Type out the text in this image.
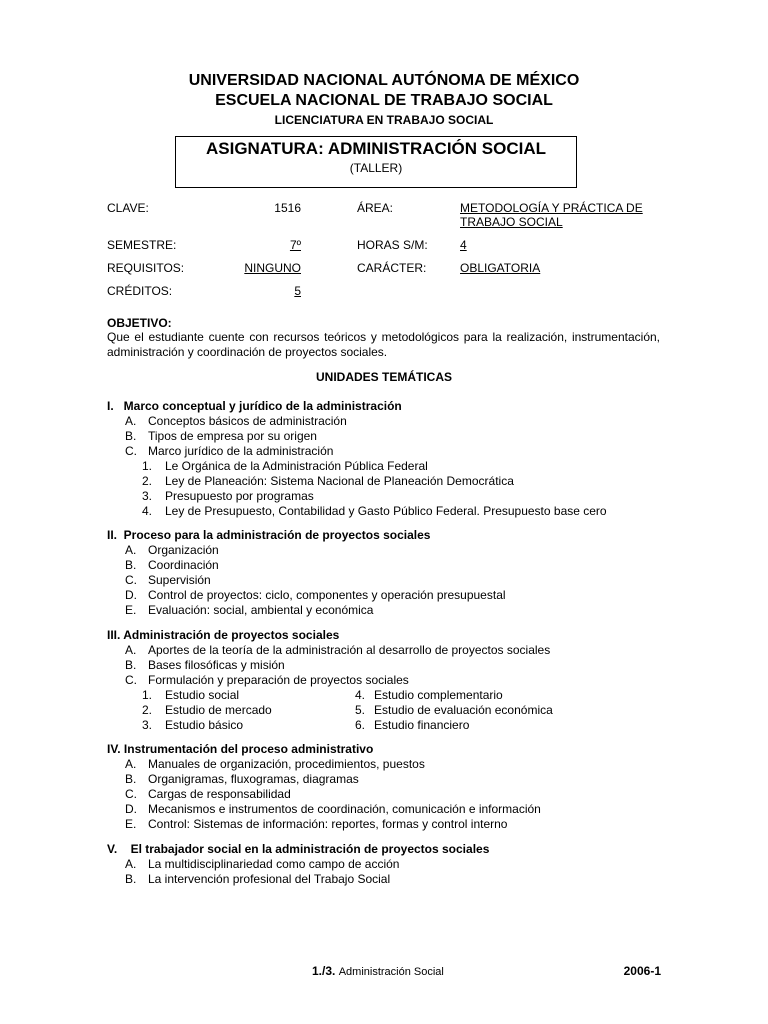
UNIVERSIDAD NACIONAL AUTÓNOMA DE MÉXICO
ESCUELA NACIONAL DE TRABAJO SOCIAL
LICENCIATURA EN TRABAJO SOCIAL
ASIGNATURA: ADMINISTRACIÓN SOCIAL
(TALLER)
CLAVE:	1516	ÁREA:	METODOLOGÍA Y PRÁCTICA DE
TRABAJO SOCIAL
SEMESTRE:	7º	HORAS S/M:	4
REQUISITOS:	NINGUNO	CARÁCTER:	OBLIGATORIA
CRÉDITOS:	5
OBJETIVO:
Que el estudiante cuente con recursos teóricos y metodológicos para la realización, instrumentación, administración y coordinación de proyectos sociales.
UNIDADES TEMÁTICAS
I.   Marco conceptual y jurídico de la administración
A. Conceptos básicos de administración
B. Tipos de empresa por su origen
C. Marco jurídico de la administración
1. Le Orgánica de la Administración Pública Federal
2. Ley de Planeación: Sistema Nacional de Planeación Democrática
3. Presupuesto por programas
4. Ley de Presupuesto, Contabilidad y Gasto Público Federal. Presupuesto base cero
II.  Proceso para la administración de proyectos sociales
A. Organización
B. Coordinación
C. Supervisión
D. Control de proyectos: ciclo, componentes y operación presupuestal
E. Evaluación: social, ambiental y económica
III. Administración de proyectos sociales
A. Aportes de la teoría de la administración al desarrollo de proyectos sociales
B. Bases filosóficas y misión
C. Formulación y preparación de proyectos sociales
1. Estudio social	4. Estudio complementario
2. Estudio de mercado	5. Estudio de evaluación económica
3. Estudio básico	6. Estudio financiero
IV. Instrumentación del proceso administrativo
A. Manuales de organización, procedimientos, puestos
B. Organigramas, fluxogramas, diagramas
C. Cargas de responsabilidad
D. Mecanismos e instrumentos de coordinación, comunicación e información
E. Control: Sistemas de información: reportes, formas y control interno
V.    El trabajador social en la administración de proyectos sociales
A. La multidisciplinariedad como campo de acción
B. La intervención profesional del Trabajo Social
1./3. Administración Social	2006-1
